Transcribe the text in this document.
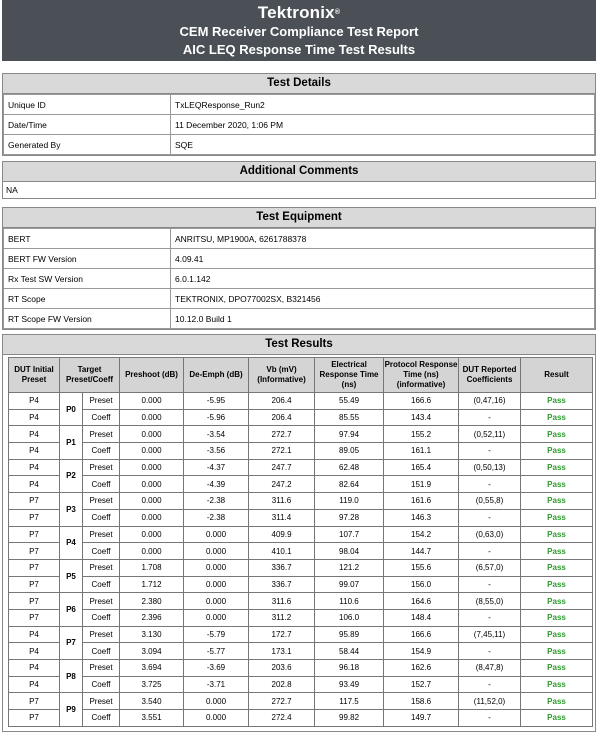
Tektronix®
CEM Receiver Compliance Test Report
AIC LEQ Response Time Test Results
Test Details
Unique ID	TxLEQResponse_Run2
Date/Time	11 December 2020, 1:06 PM
Generated By	SQE
Additional Comments
NA
Test Equipment
BERT	ANRITSU, MP1900A, 6261788378
BERT FW Version	4.09.41
Rx Test SW Version	6.0.1.142
RT Scope	TEKTRONIX, DPO77002SX, B321456
RT Scope FW Version	10.12.0 Build 1
Test Results
DUT Initial Preset	Target Preset/Coeff		Preshoot (dB)	De-Emph (dB)	Vb (mV) (Informative)	Electrical Response Time (ns)	Protocol Response Time (ns) (informative)	DUT Reported Coefficients	Result
P4	P0	Preset	0.000	-5.95	206.4	55.49	166.6	(0,47,16)	Pass
P4		Coeff	0.000	-5.96	206.4	85.55	143.4	-	Pass
P4	P1	Preset	0.000	-3.54	272.7	97.94	155.2	(0,52,11)	Pass
P4		Coeff	0.000	-3.56	272.1	89.05	161.1	-	Pass
P4	P2	Preset	0.000	-4.37	247.7	62.48	165.4	(0,50,13)	Pass
P4		Coeff	0.000	-4.39	247.2	82.64	151.9	-	Pass
P7	P3	Preset	0.000	-2.38	311.6	119.0	161.6	(0,55,8)	Pass
P7		Coeff	0.000	-2.38	311.4	97.28	146.3	-	Pass
P7	P4	Preset	0.000	0.000	409.9	107.7	154.2	(0,63,0)	Pass
P7		Coeff	0.000	0.000	410.1	98.04	144.7	-	Pass
P7	P5	Preset	1.708	0.000	336.7	121.2	155.6	(6,57,0)	Pass
P7		Coeff	1.712	0.000	336.7	99.07	156.0	-	Pass
P7	P6	Preset	2.380	0.000	311.6	110.6	164.6	(8,55,0)	Pass
P7		Coeff	2.396	0.000	311.2	106.0	148.4	-	Pass
P4	P7	Preset	3.130	-5.79	172.7	95.89	166.6	(7,45,11)	Pass
P4		Coeff	3.094	-5.77	173.1	58.44	154.9	-	Pass
P4	P8	Preset	3.694	-3.69	203.6	96.18	162.6	(8,47,8)	Pass
P4		Coeff	3.725	-3.71	202.8	93.49	152.7	-	Pass
P7	P9	Preset	3.540	0.000	272.7	117.5	158.6	(11,52,0)	Pass
P7		Coeff	3.551	0.000	272.4	99.82	149.7	-	Pass
